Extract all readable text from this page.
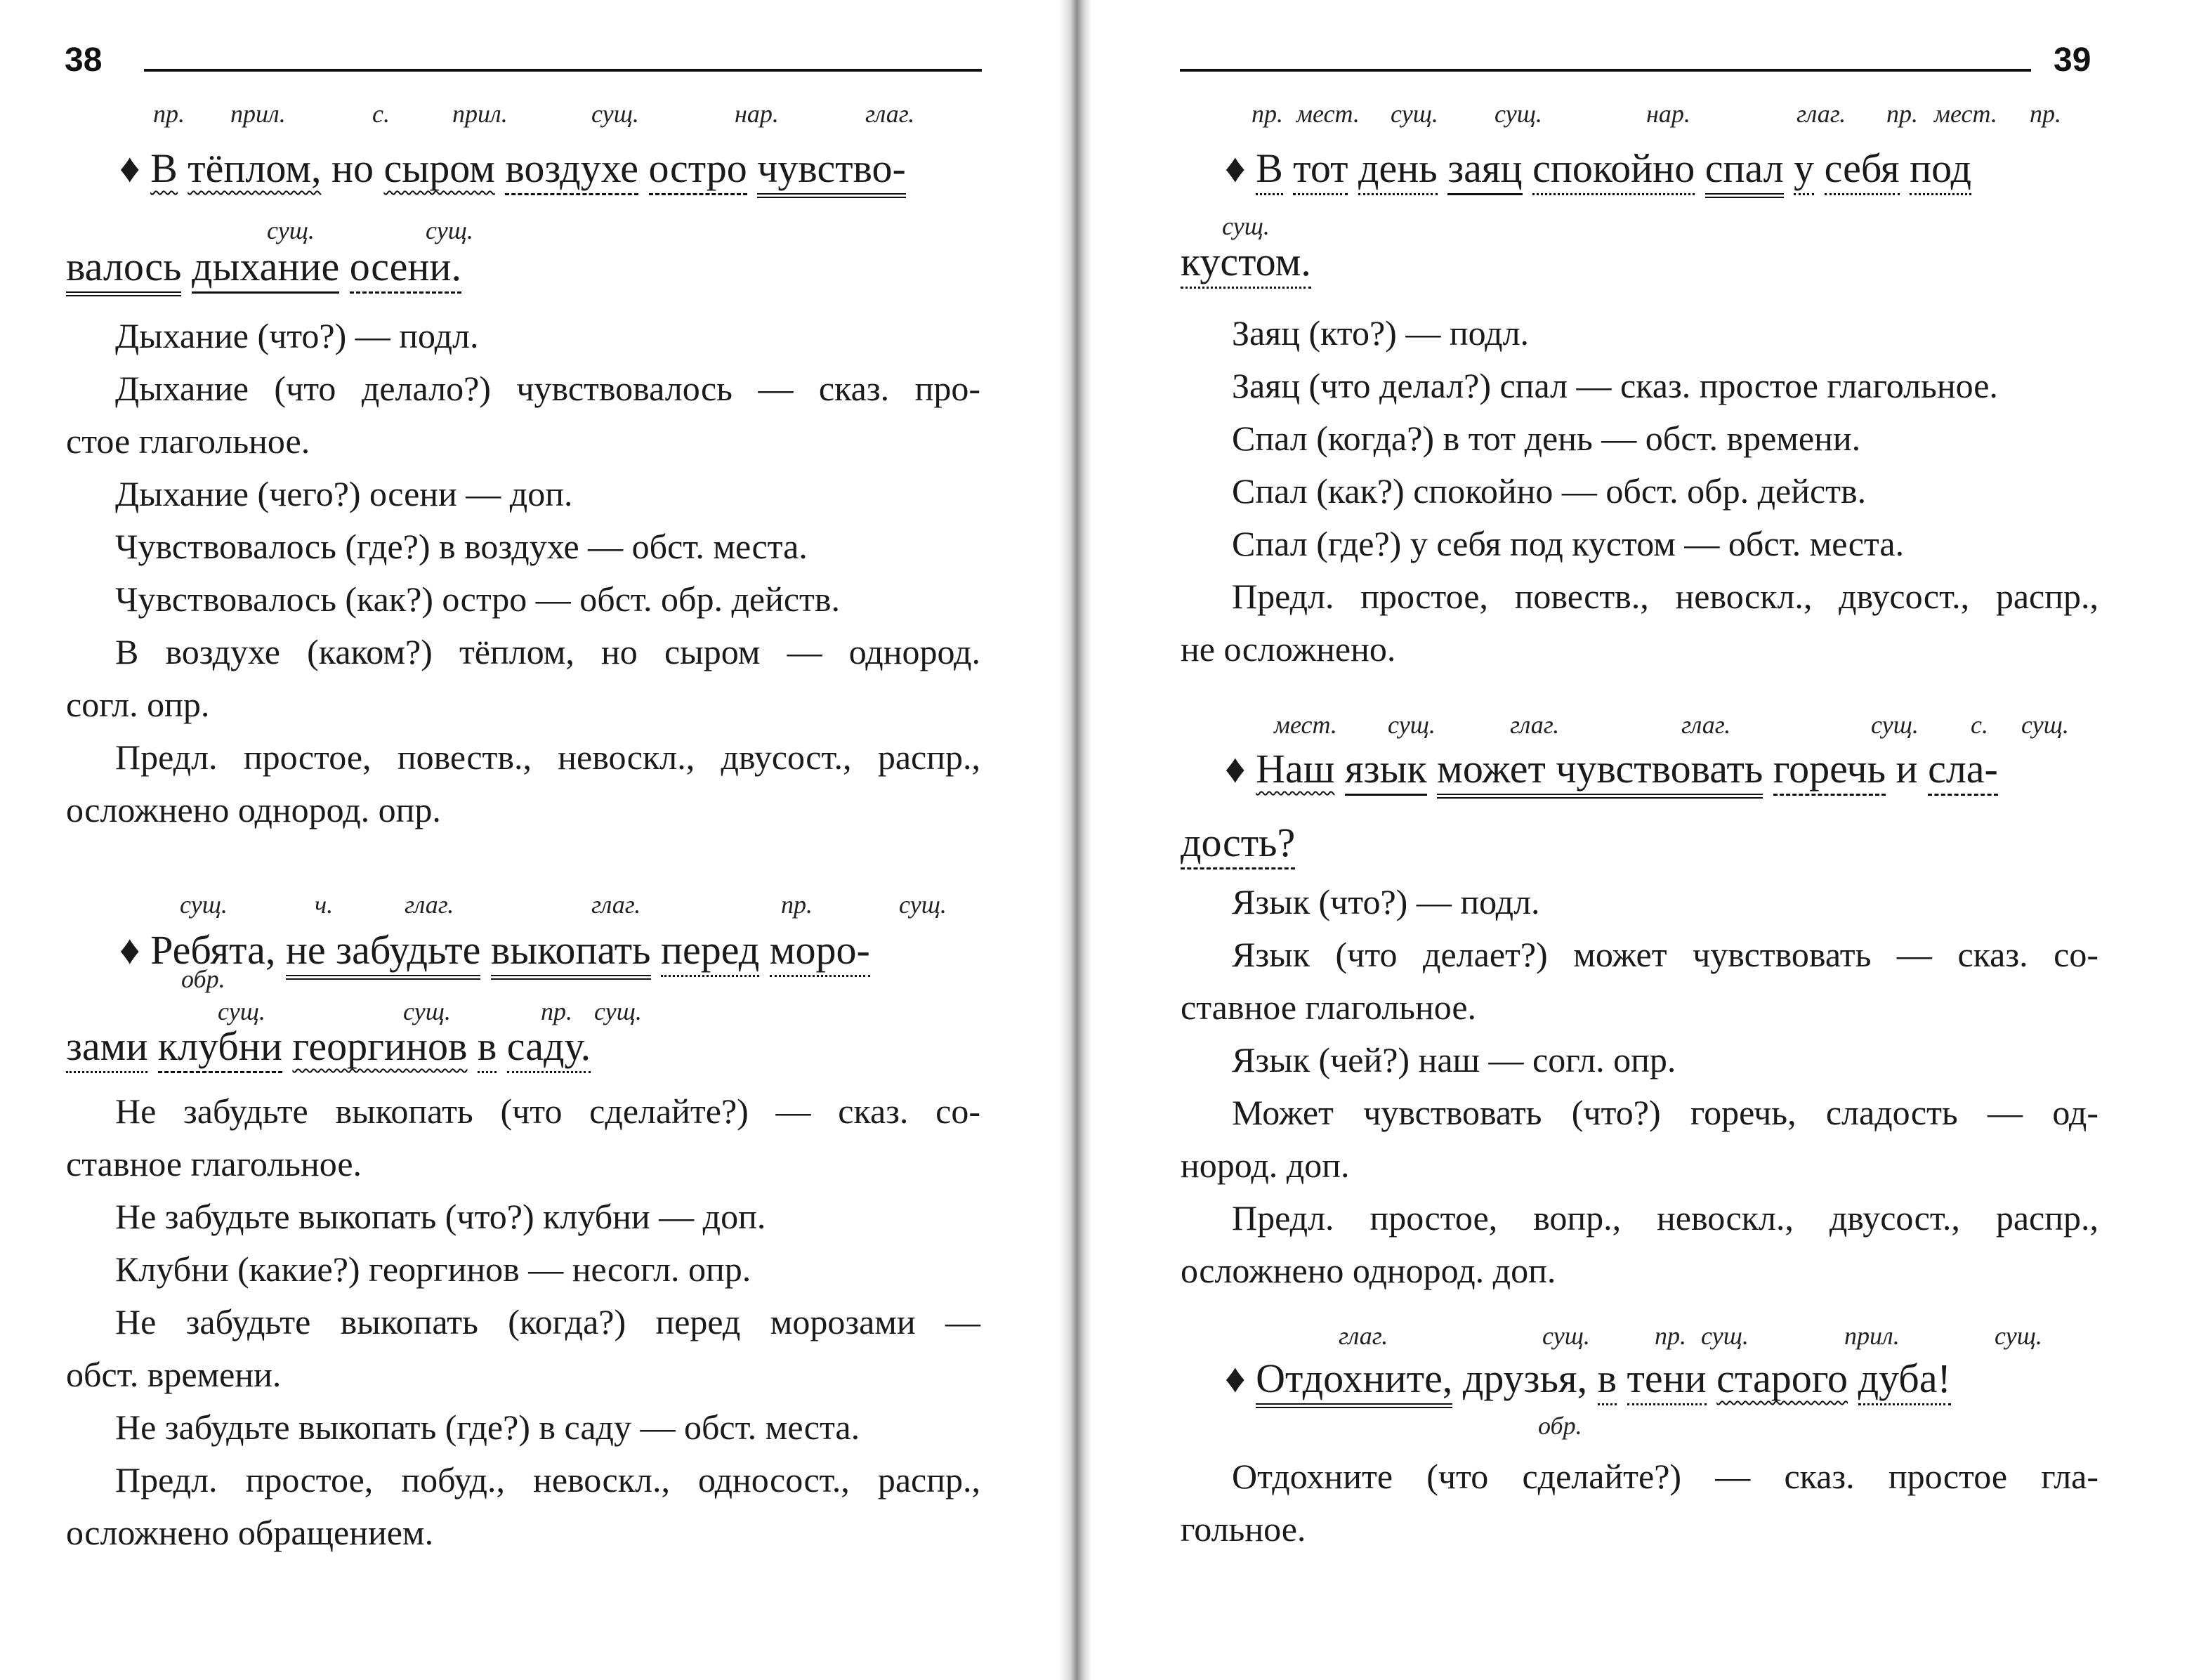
38
пр. прил.	с. прил.	сущ.	нар.	глаг.
♦ В тёплом, но сыром воздухе остро чувство-
сущ.	сущ.
валось дыхание осени.
Дыхание (что?) — подл.
Дыхание (что делало?) чувствовалось — сказ. про-
стое глагольное.
Дыхание (чего?) осени — доп.
Чувствовалось (где?) в воздухе — обст. места.
Чувствовалось (как?) остро — обст. обр. действ.
В воздухе (каком?) тёплом, но сыром — однород.
согл. опр.
Предл. простое, повеств., невоскл., двусост., распр.,
осложнено однород. опр.
сущ.	ч.	глаг.	глаг.	пр.	сущ.
♦ Ребята, не забудьте выкопать перед моро-
обр.
сущ.	сущ.	пр. сущ.
зами клубни георгинов в саду.
Не забудьте выкопать (что сделайте?) — сказ. со-
ставное глагольное.
Не забудьте выкопать (что?) клубни — доп.
Клубни (какие?) георгинов — несогл. опр.
Не забудьте выкопать (когда?) перед морозами —
обст. времени.
Не забудьте выкопать (где?) в саду — обст. места.
Предл. простое, побуд., невоскл., односост., распр.,
осложнено обращением.
39
пр. мест. сущ. сущ.	нар.	глаг. пр. мест. пр.
♦ В тот день заяц спокойно спал у себя под
сущ.
кустом.
Заяц (кто?) — подл.
Заяц (что делал?) спал — сказ. простое глагольное.
Спал (когда?) в тот день — обст. времени.
Спал (как?) спокойно — обст. обр. действ.
Спал (где?) у себя под кустом — обст. места.
Предл. простое, повеств., невоскл., двусост., распр.,
не осложнено.
мест. сущ.	глаг.	глаг.	сущ. с. сущ.
♦ Наш язык может чувствовать горечь и сла-
дость?
Язык (что?) — подл.
Язык (что делает?) может чувствовать — сказ. со-
ставное глагольное.
Язык (чей?) наш — согл. опр.
Может чувствовать (что?) горечь, сладость — од-
нород. доп.
Предл. простое, вопр., невоскл., двусост., распр.,
осложнено однород. доп.
глаг.	сущ.	пр. сущ.	прил.	сущ.
♦ Отдохните, друзья, в тени старого дуба!
обр.
Отдохните (что сделайте?) — сказ. простое гла-
гольное.
